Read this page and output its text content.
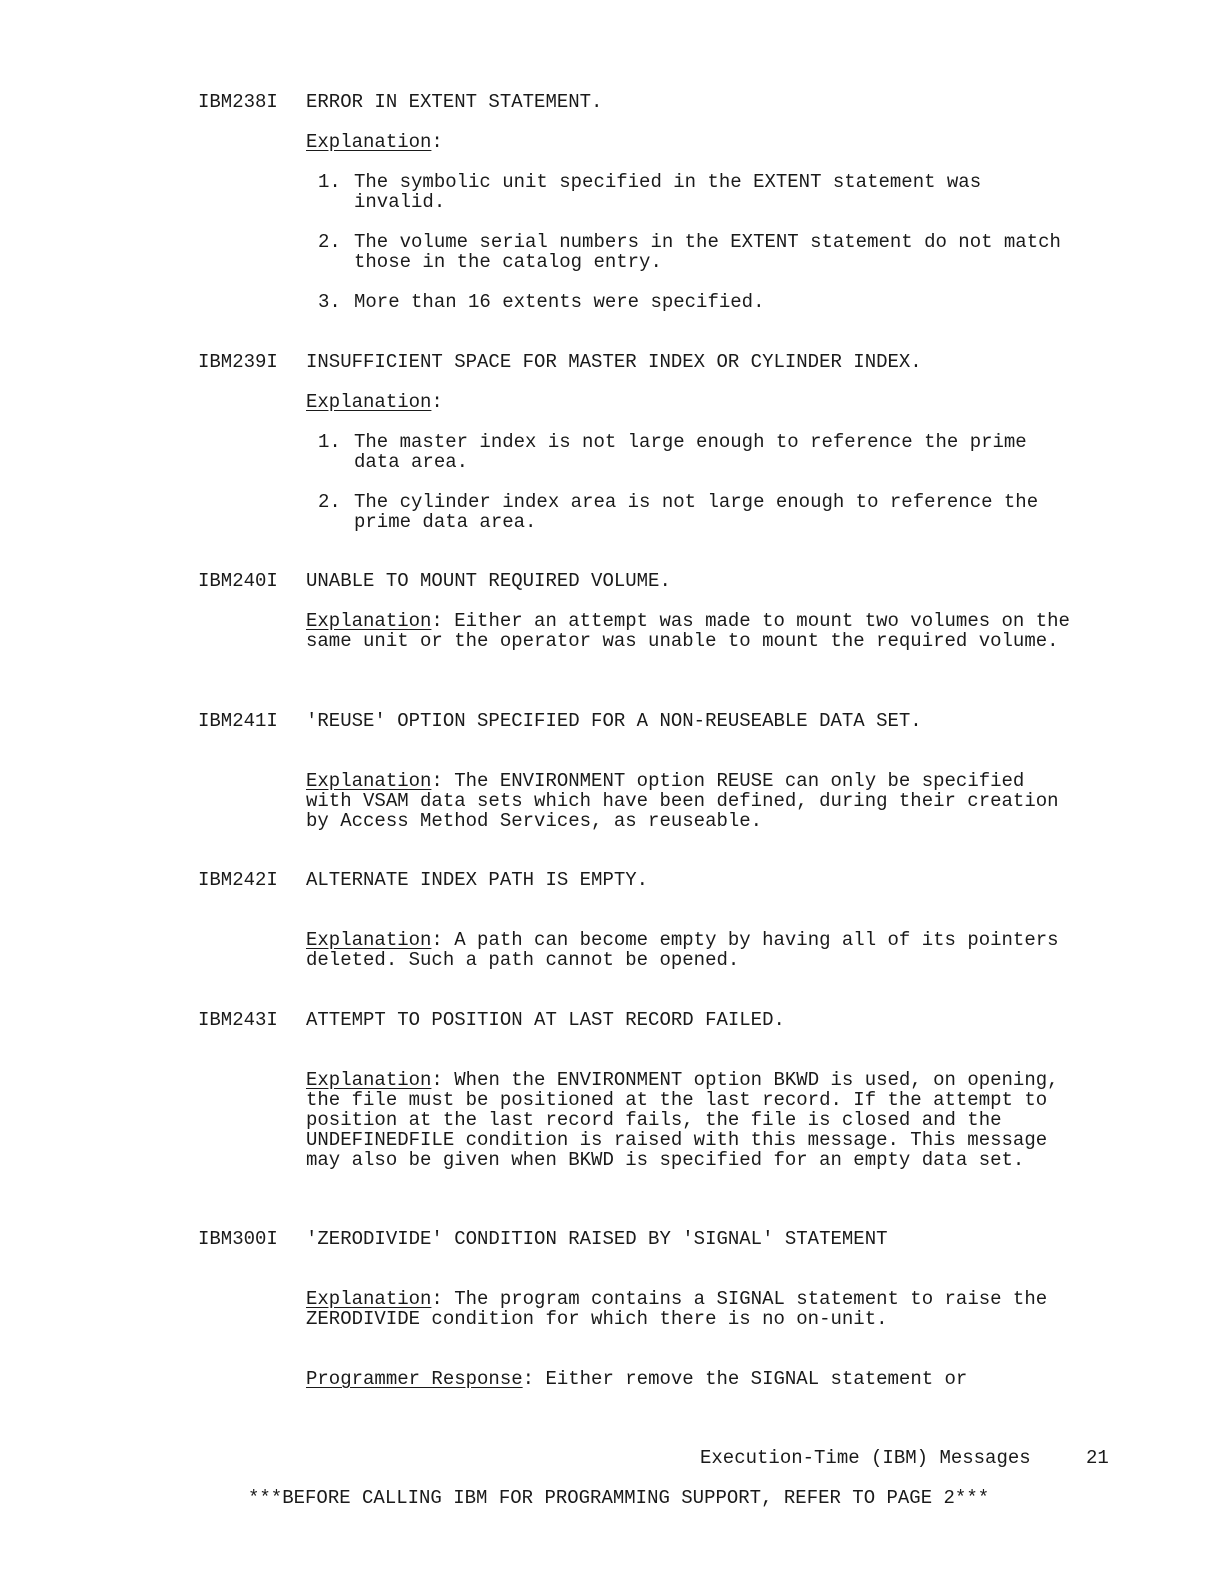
IBM238I	ERROR IN EXTENT STATEMENT.
Explanation:
1. The symbolic unit specified in the EXTENT statement was invalid.
2. The volume serial numbers in the EXTENT statement do not match those in the catalog entry.
3. More than 16 extents were specified.
IBM239I	INSUFFICIENT SPACE FOR MASTER INDEX OR CYLINDER INDEX.
Explanation:
1. The master index is not large enough to reference the prime data area.
2. The cylinder index area is not large enough to reference the prime data area.
IBM240I	UNABLE TO MOUNT REQUIRED VOLUME.

Explanation: Either an attempt was made to mount two volumes on the same unit or the operator was unable to mount the required volume.

IBM241I	'REUSE' OPTION SPECIFIED FOR A NON-REUSEABLE DATA SET.

Explanation: The ENVIRONMENT option REUSE can only be specified with VSAM data sets which have been defined, during their creation by Access Method Services, as reuseable.

IBM242I	ALTERNATE INDEX PATH IS EMPTY.

Explanation: A path can become empty by having all of its pointers deleted. Such a path cannot be opened.

IBM243I	ATTEMPT TO POSITION AT LAST RECORD FAILED.

Explanation: When the ENVIRONMENT option BKWD is used, on opening, the file must be positioned at the last record. If the attempt to position at the last record fails, the file is closed and the UNDEFINEDFILE condition is raised with this message. This message may also be given when BKWD is specified for an empty data set.

IBM300I	'ZERODIVIDE' CONDITION RAISED BY 'SIGNAL' STATEMENT

Explanation: The program contains a SIGNAL statement to raise the ZERODIVIDE condition for which there is no on-unit.

Programmer Response: Either remove the SIGNAL statement or

Execution-Time (IBM) Messages	21
***BEFORE CALLING IBM FOR PROGRAMMING SUPPORT, REFER TO PAGE 2***
